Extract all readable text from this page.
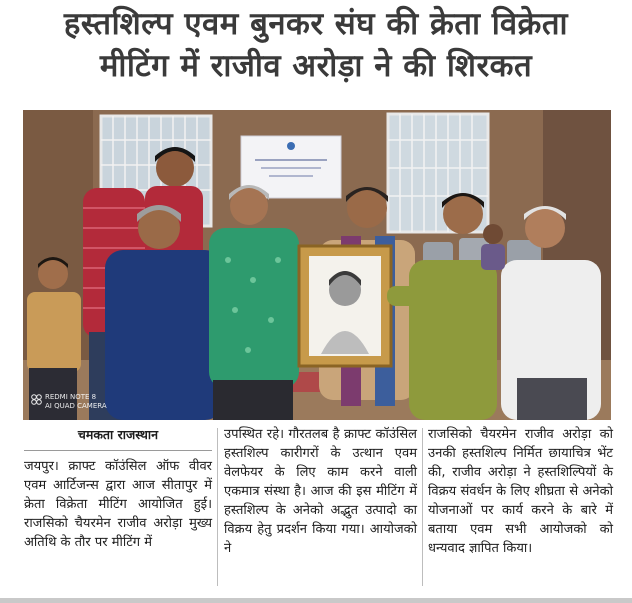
हस्तशिल्प एवम बुनकर संघ की क्रेता विक्रेता
मीटिंग में राजीव अरोड़ा ने की शिरकत
REDMI NOTE 8
AI QUAD CAMERA
चमकता राजस्थान
जयपुर। क्राफ्ट कॉउंसिल ऑफ वीवर एवम आर्टिजन्स द्वारा आज सीतापुर में क्रेता विक्रेता मीटिंग आयोजित हुई। राजसिको चैयरमेन राजीव अरोड़ा मुख्य अतिथि के तौर पर मीटिंग में
उपस्थित रहे। गौरतलब है क्राफ्ट कॉउंसिल हस्तशिल्प कारीगरों के उत्थान एवम वेलफेयर के लिए काम करने वाली एकमात्र संस्था है। आज की इस मीटिंग में हस्तशिल्प के अनेको अद्भुत उत्पादो का विक्रय हेतु प्रदर्शन किया गया। आयोजको ने
राजसिको चैयरमेन राजीव अरोड़ा को उनकी हस्तशिल्प निर्मित छायाचित्र भेंट की, राजीव अरोड़ा ने हस्तशिल्पियों के विक्रय संवर्धन के लिए शीघ्रता से अनेको योजनाओं पर कार्य करने के बारे में बताया एवम सभी आयोजको को धन्यवाद ज्ञापित किया।
